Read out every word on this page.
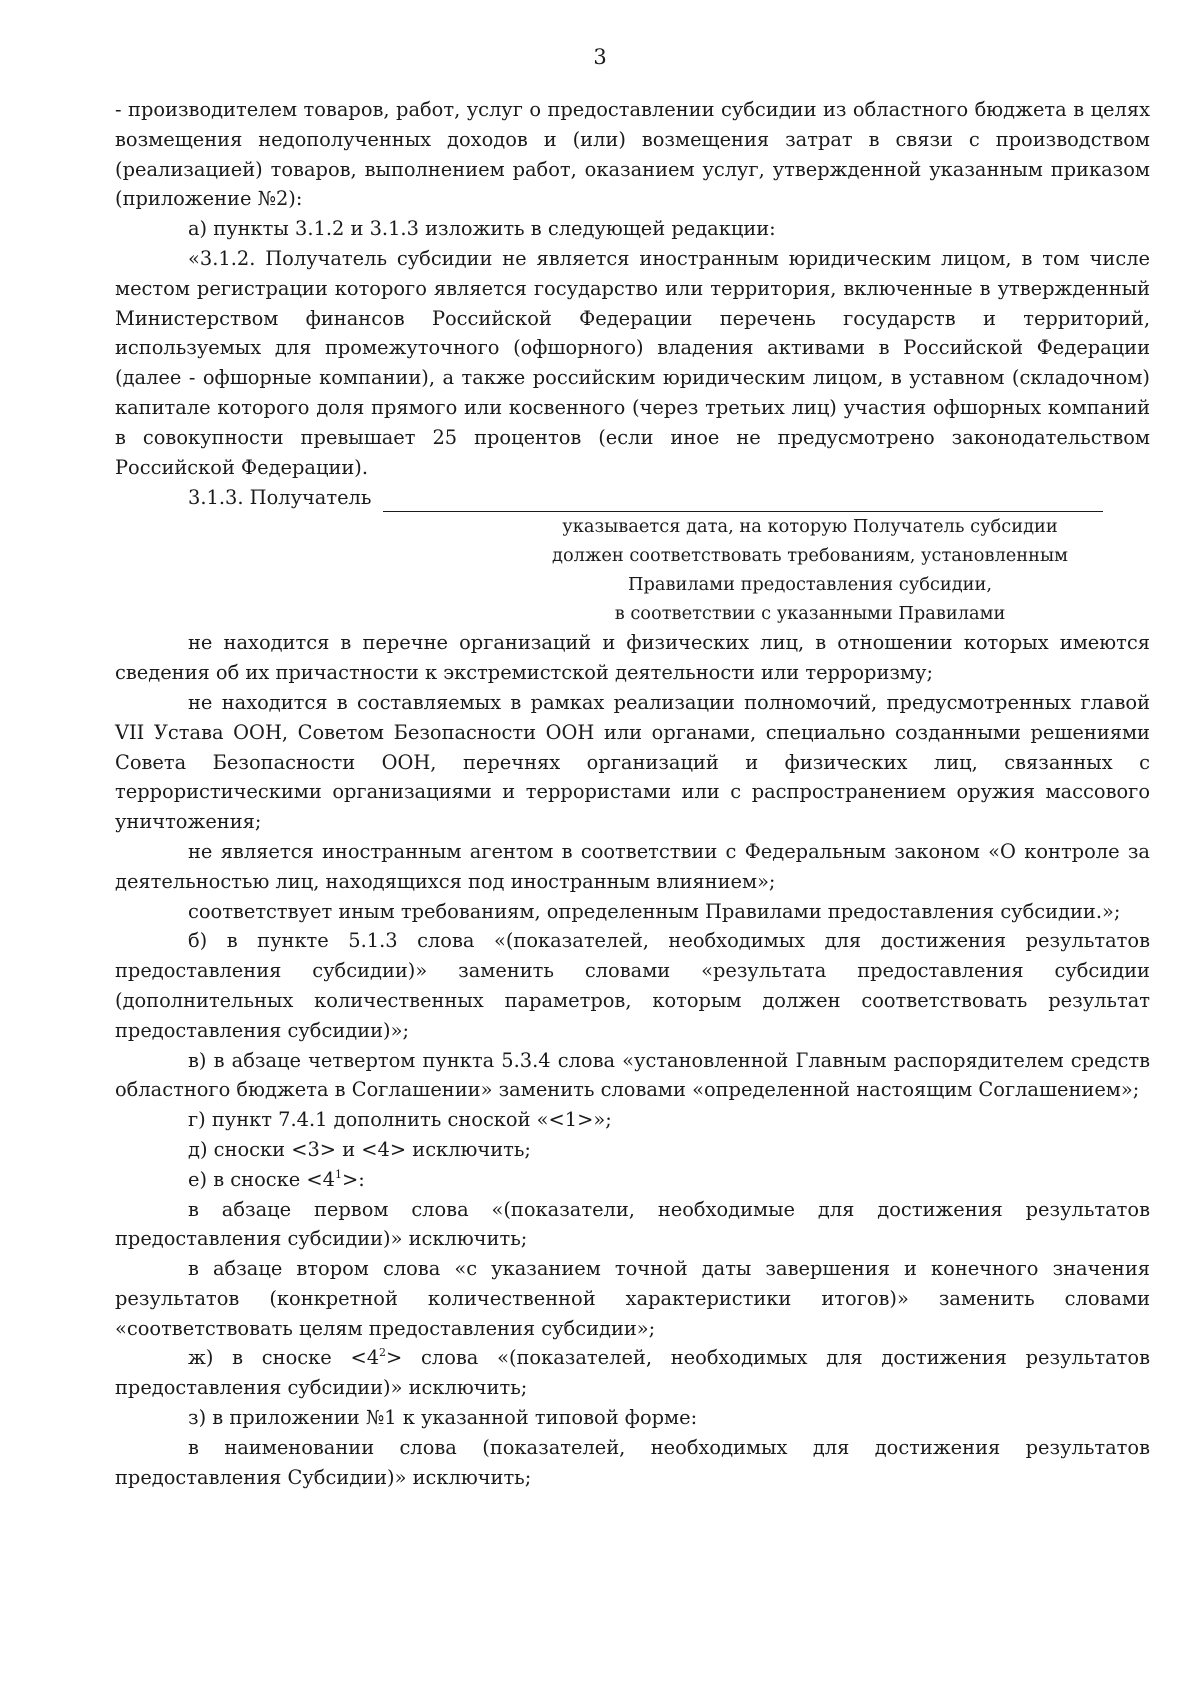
3

- производителем товаров, работ, услуг о предоставлении субсидии из областного бюджета в целях возмещения недополученных доходов и (или) возмещения затрат в связи с производством (реализацией) товаров, выполнением работ, оказанием услуг, утвержденной указанным приказом (приложение №2):

а) пункты 3.1.2 и 3.1.3 изложить в следующей редакции:

«3.1.2. Получатель субсидии не является иностранным юридическим лицом, в том числе местом регистрации которого является государство или территория, включенные в утвержденный Министерством финансов Российской Федерации перечень государств и территорий, используемых для промежуточного (офшорного) владения активами в Российской Федерации (далее - офшорные компании), а также российским юридическим лицом, в уставном (складочном) капитале которого доля прямого или косвенного (через третьих лиц) участия офшорных компаний в совокупности превышает 25 процентов (если иное не предусмотрено законодательством Российской Федерации).

3.1.3. Получатель
указывается дата, на которую Получатель субсидии
должен соответствовать требованиям, установленным
Правилами предоставления субсидии,
в соответствии с указанными Правилами

не находится в перечне организаций и физических лиц, в отношении которых имеются сведения об их причастности к экстремистской деятельности или терроризму;

не находится в составляемых в рамках реализации полномочий, предусмотренных главой VII Устава ООН, Советом Безопасности ООН или органами, специально созданными решениями Совета Безопасности ООН, перечнях организаций и физических лиц, связанных с террористическими организациями и террористами или с распространением оружия массового уничтожения;

не является иностранным агентом в соответствии с Федеральным законом «О контроле за деятельностью лиц, находящихся под иностранным влиянием»;

соответствует иным требованиям, определенным Правилами предоставления субсидии.»;

б) в пункте 5.1.3 слова «(показателей, необходимых для достижения результатов предоставления субсидии)» заменить словами «результата предоставления субсидии (дополнительных количественных параметров, которым должен соответствовать результат предоставления субсидии)»;

в) в абзаце четвертом пункта 5.3.4 слова «установленной Главным распорядителем средств областного бюджета в Соглашении» заменить словами «определенной настоящим Соглашением»;

г) пункт 7.4.1 дополнить сноской «<1>»;

д) сноски <3> и <4> исключить;

е) в сноске $<4^1>$:

в абзаце первом слова «(показатели, необходимые для достижения результатов предоставления субсидии)» исключить;

в абзаце втором слова «с указанием точной даты завершения и конечного значения результатов (конкретной количественной характеристики итогов)» заменить словами «соответствовать целям предоставления субсидии»;

ж) в сноске $<4^2>$ слова «(показателей, необходимых для достижения результатов предоставления субсидии)» исключить;

з) в приложении №1 к указанной типовой форме:

в наименовании слова (показателей, необходимых для достижения результатов предоставления Субсидии)» исключить;
